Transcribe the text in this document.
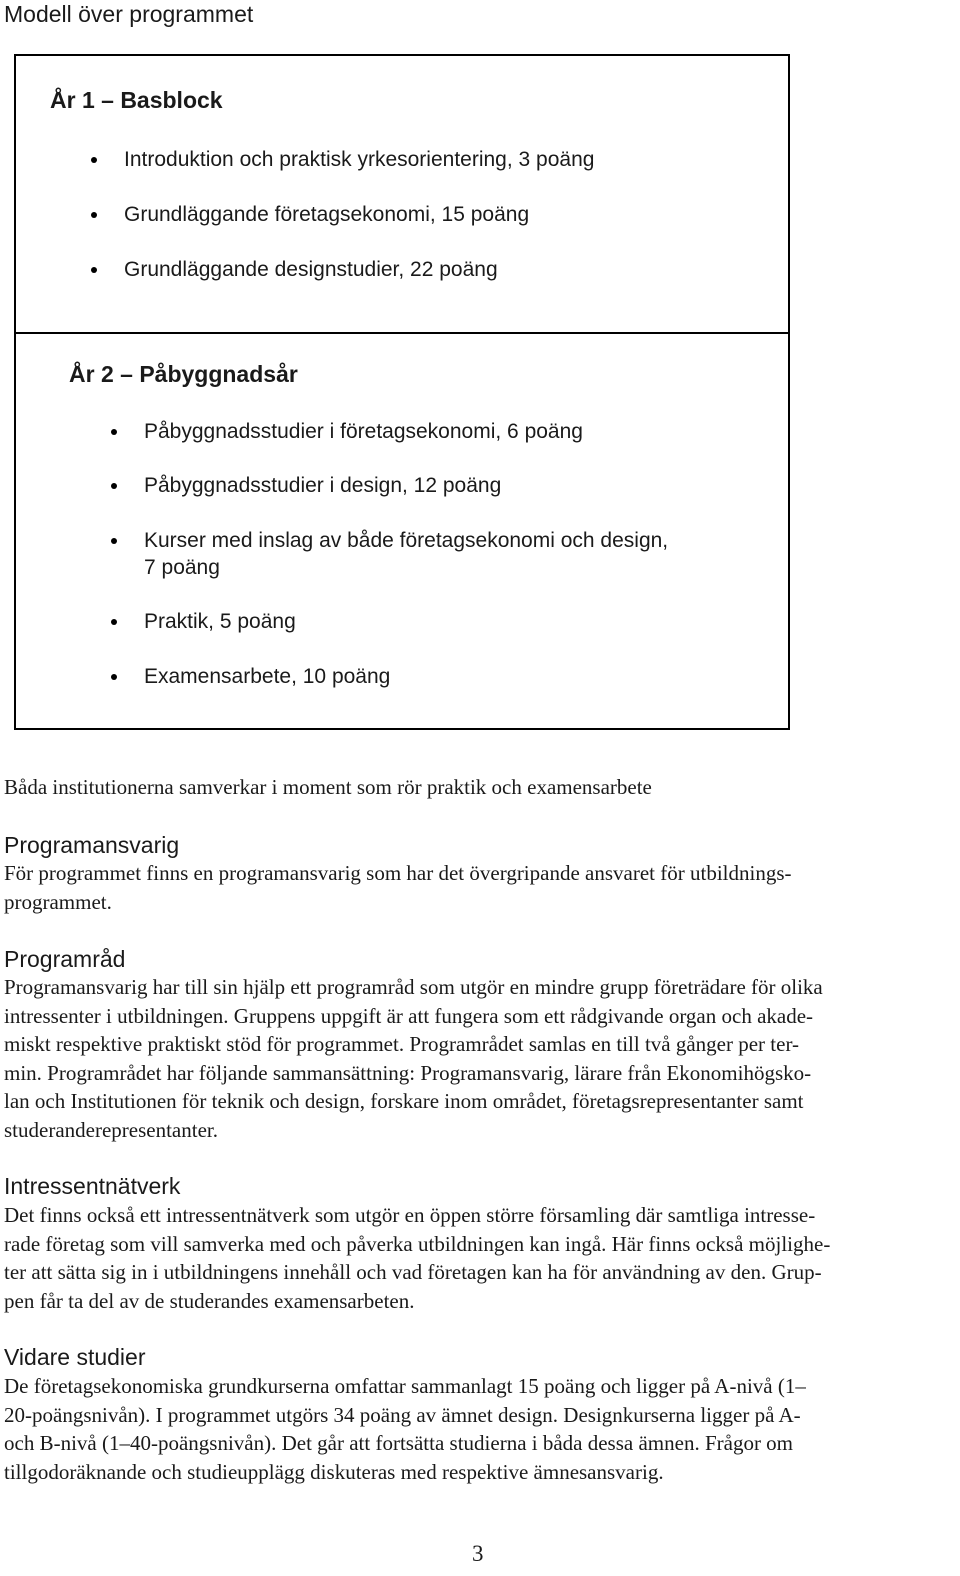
Modell över programmet
År 1 – Basblock
Introduktion och praktisk yrkesorientering, 3 poäng
Grundläggande företagsekonomi, 15 poäng
Grundläggande designstudier, 22 poäng
År 2 – Påbyggnadsår
Påbyggnadsstudier i företagsekonomi, 6 poäng
Påbyggnadsstudier i design, 12 poäng
Kurser med inslag av både företagsekonomi och design,
7 poäng
Praktik, 5 poäng
Examensarbete, 10 poäng

Båda institutionerna samverkar i moment som rör praktik och examensarbete

Programansvarig

För programmet finns en programansvarig som har det övergripande ansvaret för utbildnings-
programmet.

Programråd

Programansvarig har till sin hjälp ett programråd som utgör en mindre grupp företrädare för olika
intressenter i utbildningen. Gruppens uppgift är att fungera som ett rådgivande organ och akade-
miskt respektive praktiskt stöd för programmet. Programrådet samlas en till två gånger per ter-
min. Programrådet har följande sammansättning: Programansvarig, lärare från Ekonomihögsko-
lan och Institutionen för teknik och design, forskare inom området, företagsrepresentanter samt
studeranderepresentanter.

Intressentnätverk

Det finns också ett intressentnätverk som utgör en öppen större församling där samtliga intresse-
rade företag som vill samverka med och påverka utbildningen kan ingå. Här finns också möjlighe-
ter att sätta sig in i utbildningens innehåll och vad företagen kan ha för användning av den. Grup-
pen får ta del av de studerandes examensarbeten.

Vidare studier

De företagsekonomiska grundkurserna omfattar sammanlagt 15 poäng och ligger på A-nivå (1–
20-poängsnivån). I programmet utgörs 34 poäng av ämnet design. Designkurserna ligger på A-
och B-nivå (1–40-poängsnivån). Det går att fortsätta studierna i båda dessa ämnen. Frågor om
tillgodoräknande och studieupplägg diskuteras med respektive ämnesansvarig.

3
